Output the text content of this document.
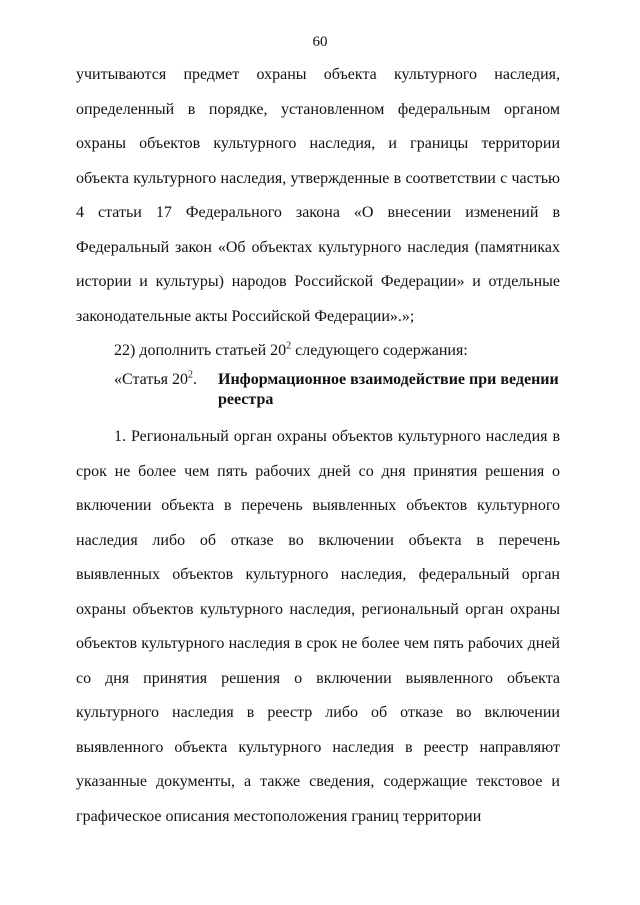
60

учитываются предмет охраны объекта культурного наследия, определенный в порядке, установленном федеральным органом охраны объектов культурного наследия, и границы территории объекта культурного наследия, утвержденные в соответствии с частью 4 статьи 17 Федерального закона «О внесении изменений в Федеральный закон «Об объектах культурного наследия (памятниках истории и культуры) народов Российской Федерации» и отдельные законодательные акты Российской Федерации».»;

22) дополнить статьей $20^2$ следующего содержания:

«Статья $20^2$.	Информационное взаимодействие при ведении реестра

1. Региональный орган охраны объектов культурного наследия в срок не более чем пять рабочих дней со дня принятия решения о включении объекта в перечень выявленных объектов культурного наследия либо об отказе во включении объекта в перечень выявленных объектов культурного наследия, федеральный орган охраны объектов культурного наследия, региональный орган охраны объектов культурного наследия в срок не более чем пять рабочих дней со дня принятия решения о включении выявленного объекта культурного наследия в реестр либо об отказе во включении выявленного объекта культурного наследия в реестр направляют указанные документы, а также сведения, содержащие текстовое и графическое описания местоположения границ территории
